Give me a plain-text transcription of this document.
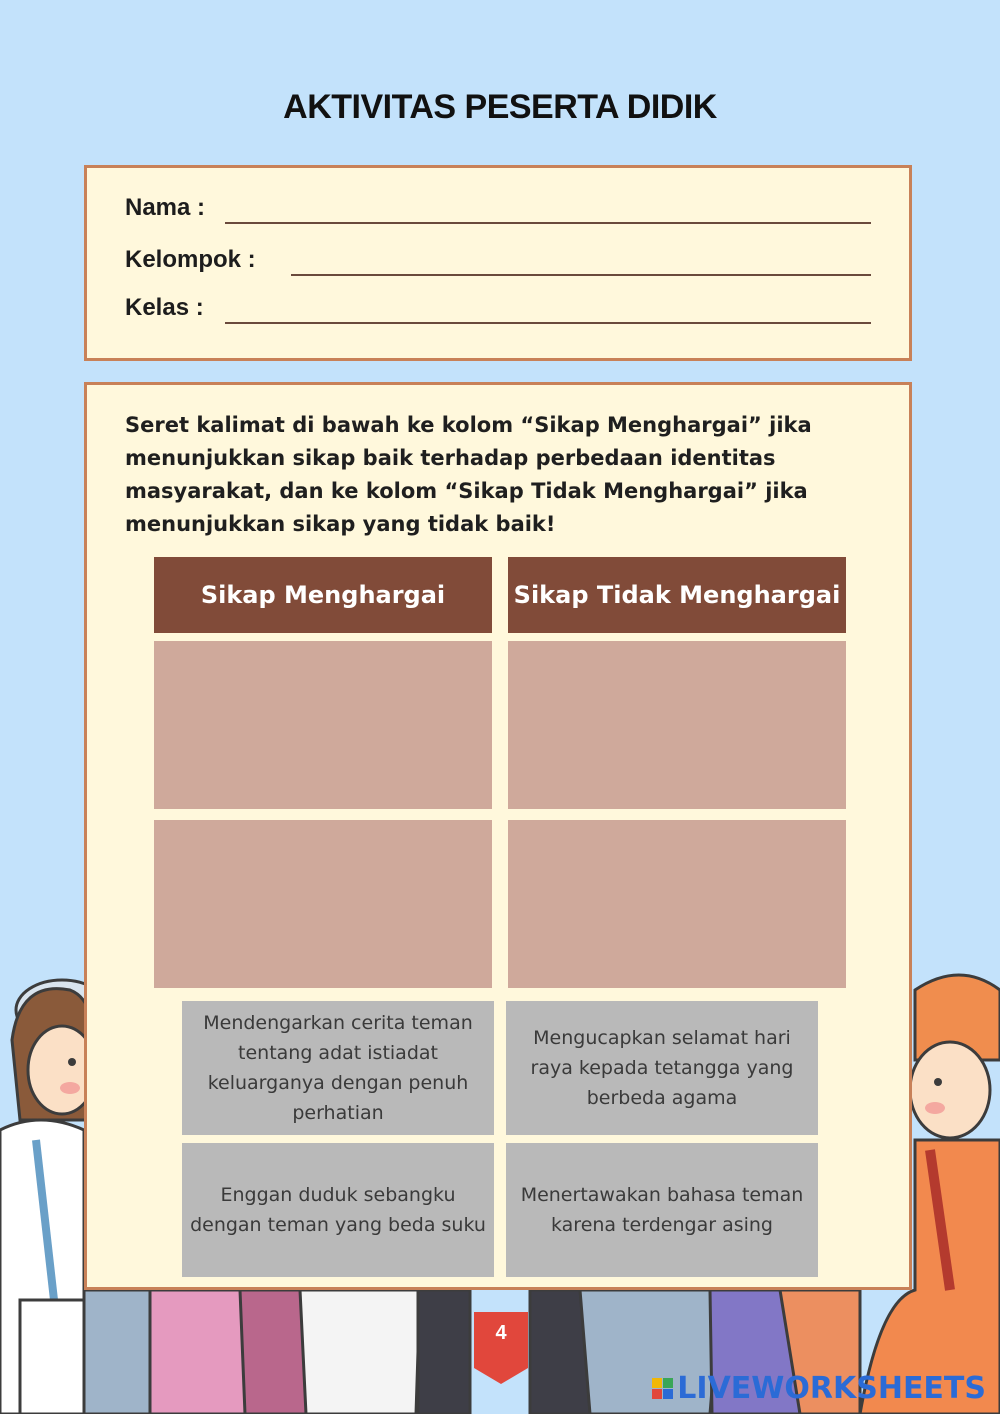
AKTIVITAS PESERTA DIDIK
Nama :
Kelompok :
Kelas :

Seret kalimat di bawah ke kolom “Sikap Menghargai” jika menunjukkan sikap baik terhadap perbedaan identitas masyarakat, dan ke kolom “Sikap Tidak Menghargai” jika menunjukkan sikap yang tidak baik!

Sikap Menghargai	Sikap Tidak Menghargai
Mendengarkan cerita teman tentang adat istiadat keluarganya dengan penuh perhatian
Mengucapkan selamat hari raya kepada tetangga yang berbeda agama
Enggan duduk sebangku dengan teman yang beda suku
Menertawakan bahasa teman karena terdengar asing
4
LIVEWORKSHEETS
